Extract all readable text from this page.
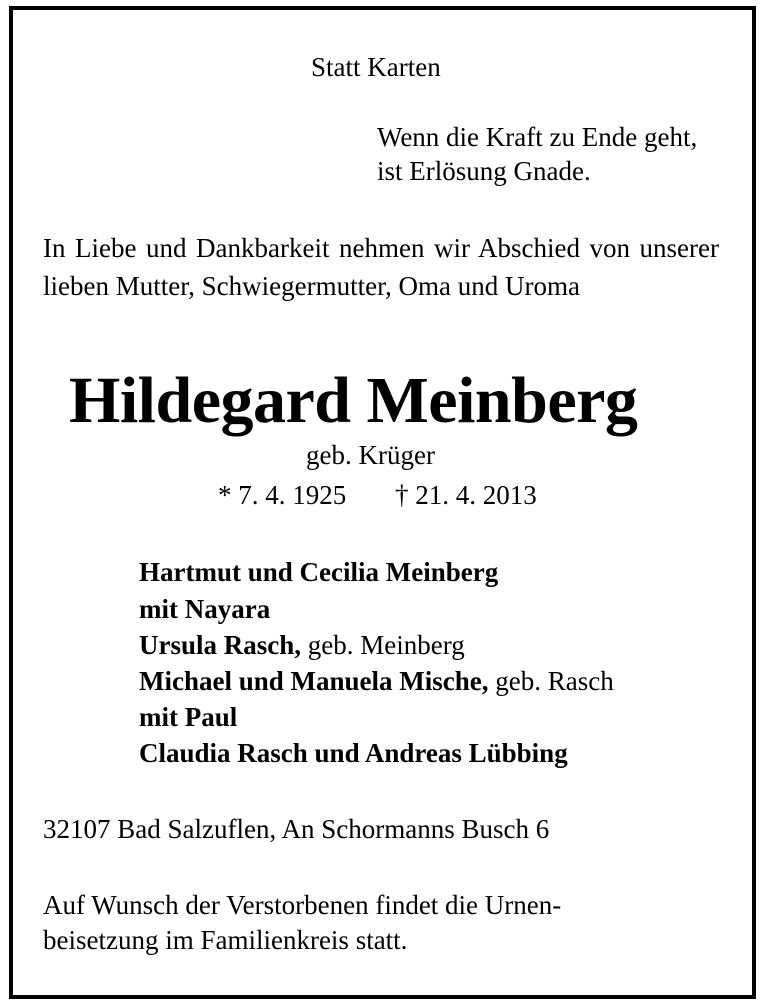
Statt Karten
Wenn die Kraft zu Ende geht,
ist Erlösung Gnade.
In Liebe und Dankbarkeit nehmen wir Abschied von unserer lieben Mutter, Schwiegermutter, Oma und Uroma
Hildegard Meinberg
geb. Krüger
* 7. 4. 1925 † 21. 4. 2013
Hartmut und Cecilia Meinberg
mit Nayara
Ursula Rasch, geb. Meinberg
Michael und Manuela Mische, geb. Rasch
mit Paul
Claudia Rasch und Andreas Lübbing
32107 Bad Salzuflen, An Schormanns Busch 6
Auf Wunsch der Verstorbenen findet die Urnen-
beisetzung im Familienkreis statt.
